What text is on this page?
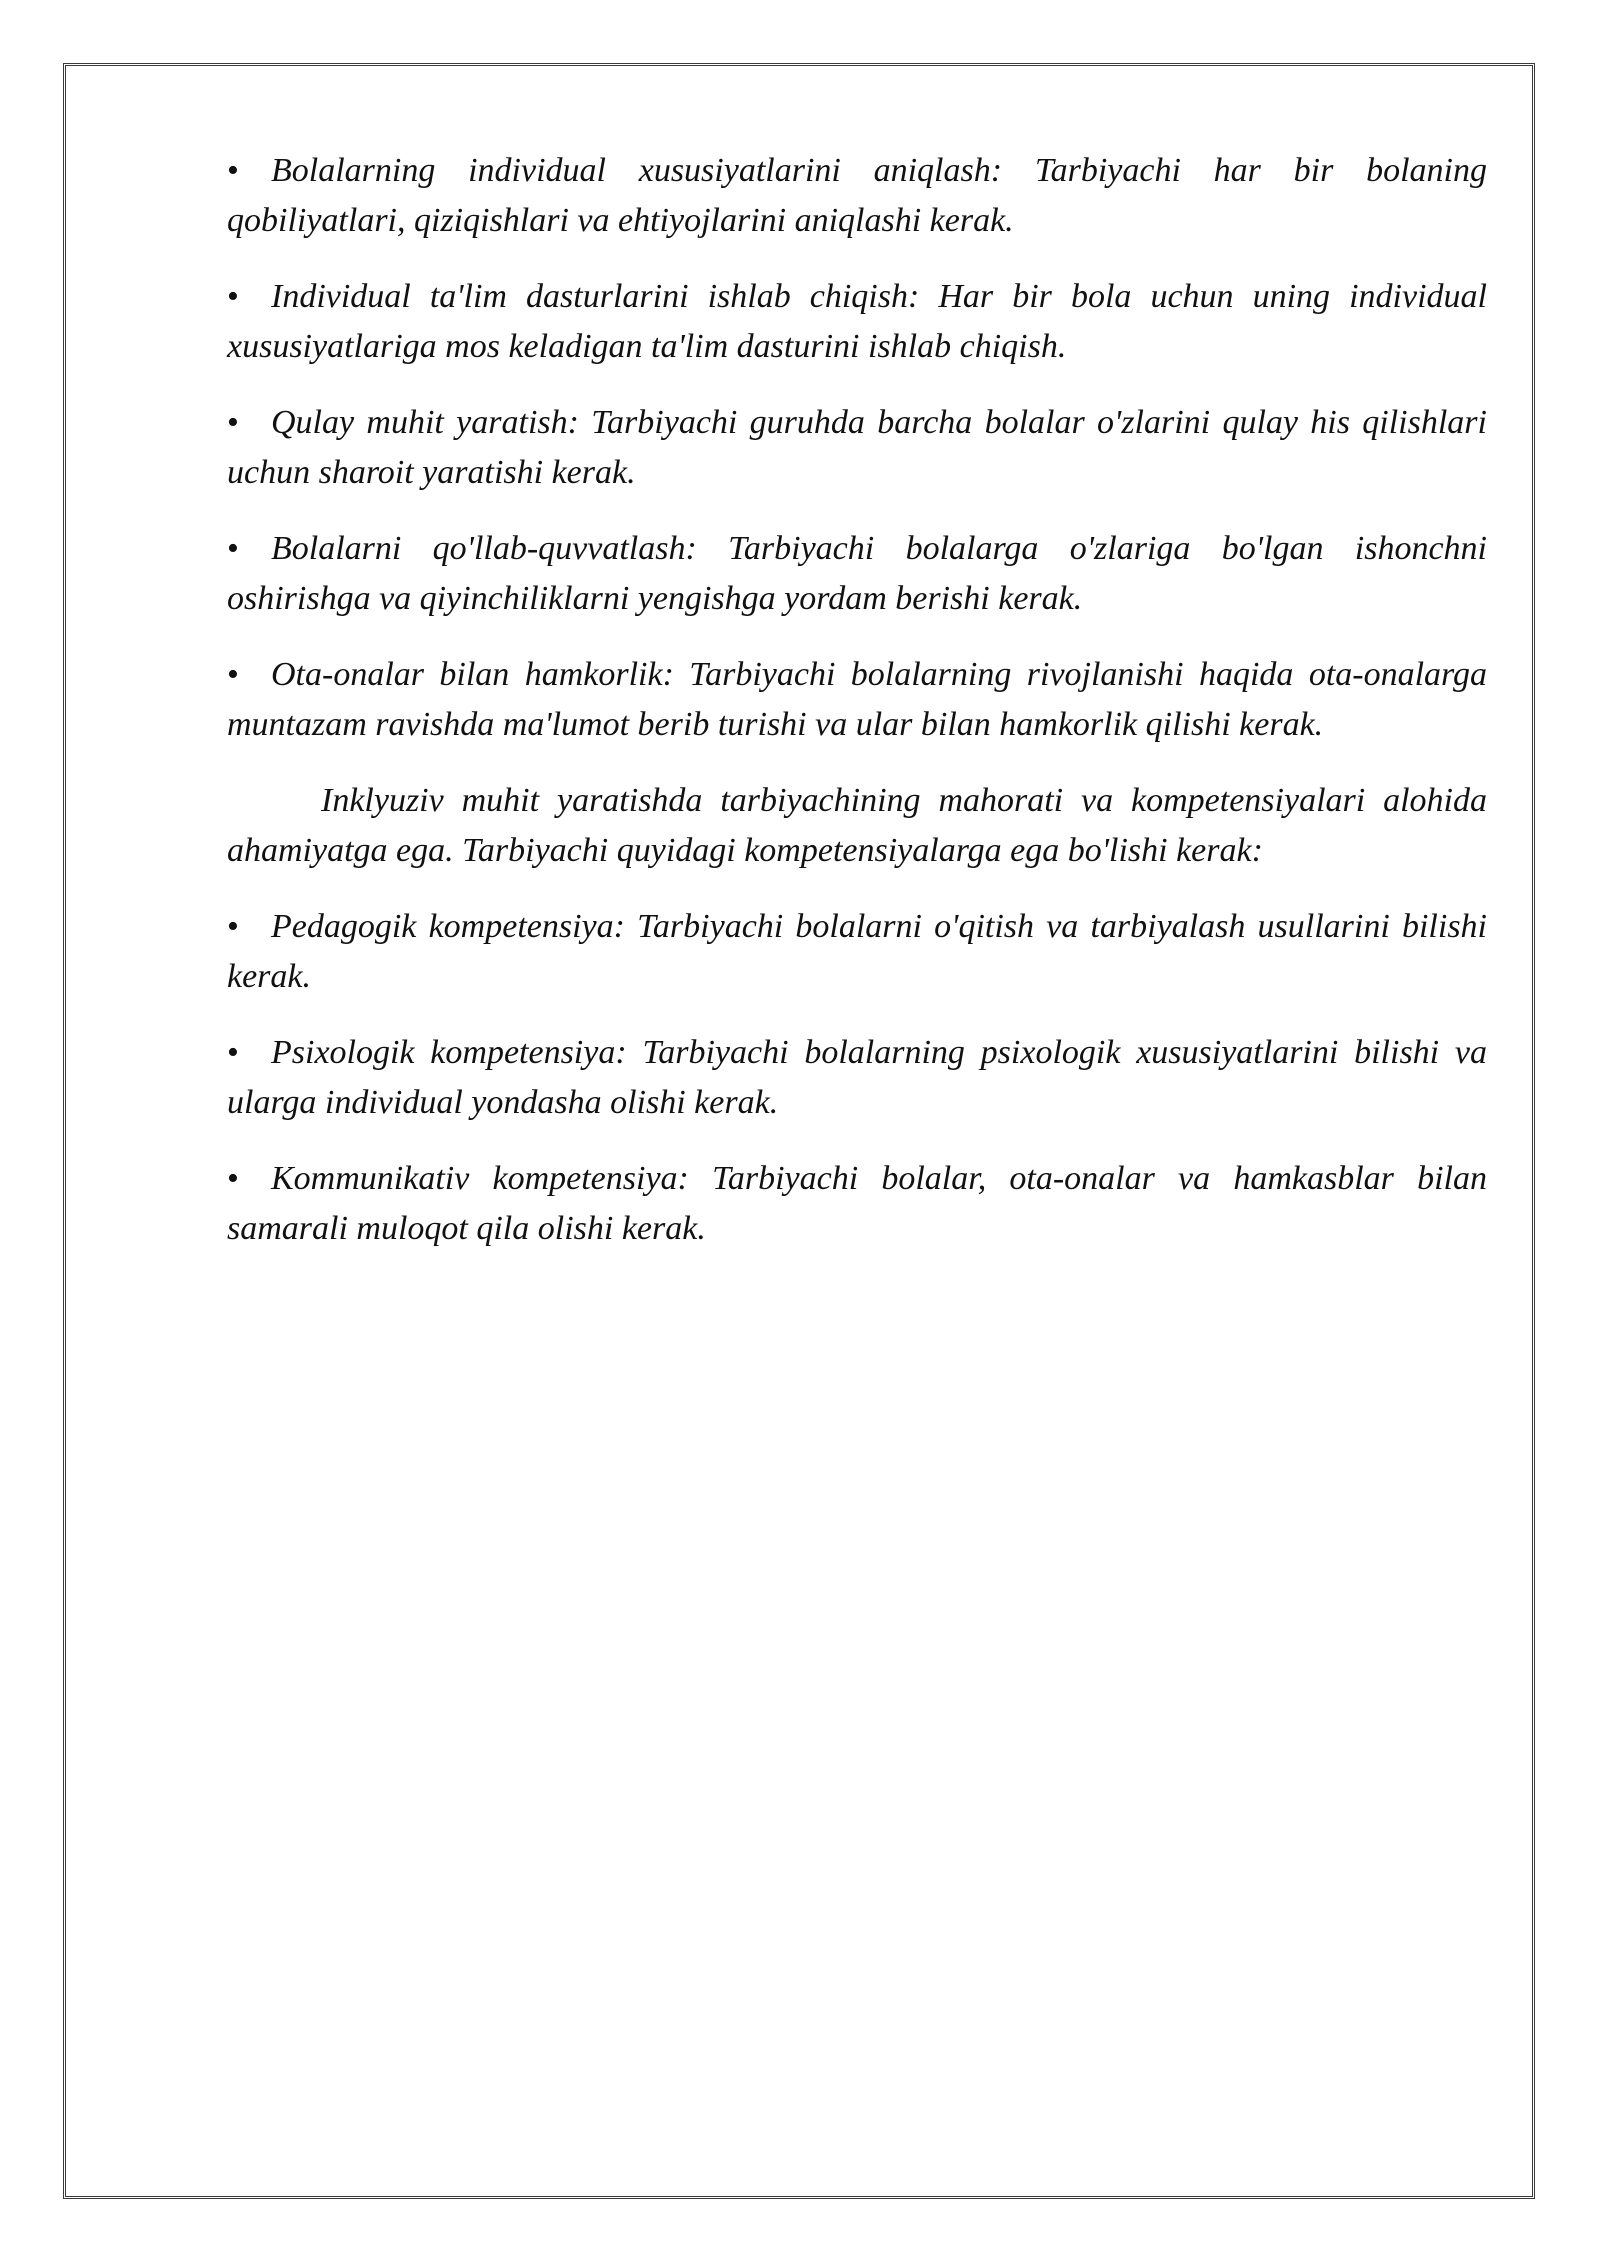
• Bolalarning individual xususiyatlarini aniqlash: Tarbiyachi har bir bolaning qobiliyatlari, qiziqishlari va ehtiyojlarini aniqlashi kerak.

• Individual ta'lim dasturlarini ishlab chiqish: Har bir bola uchun uning individual xususiyatlariga mos keladigan ta'lim dasturini ishlab chiqish.

• Qulay muhit yaratish: Tarbiyachi guruhda barcha bolalar o'zlarini qulay his qilishlari uchun sharoit yaratishi kerak.

• Bolalarni qo'llab-quvvatlash: Tarbiyachi bolalarga o'zlariga bo'lgan ishonchni oshirishga va qiyinchiliklarni yengishga yordam berishi kerak.

• Ota-onalar bilan hamkorlik: Tarbiyachi bolalarning rivojlanishi haqida ota-onalarga muntazam ravishda ma'lumot berib turishi va ular bilan hamkorlik qilishi kerak.

Inklyuziv muhit yaratishda tarbiyachining mahorati va kompetensiyalari alohida ahamiyatga ega. Tarbiyachi quyidagi kompetensiyalarga ega bo'lishi kerak:

• Pedagogik kompetensiya: Tarbiyachi bolalarni o'qitish va tarbiyalash usullarini bilishi kerak.

• Psixologik kompetensiya: Tarbiyachi bolalarning psixologik xususiyatlarini bilishi va ularga individual yondasha olishi kerak.

• Kommunikativ kompetensiya: Tarbiyachi bolalar, ota-onalar va hamkasblar bilan samarali muloqot qila olishi kerak.
